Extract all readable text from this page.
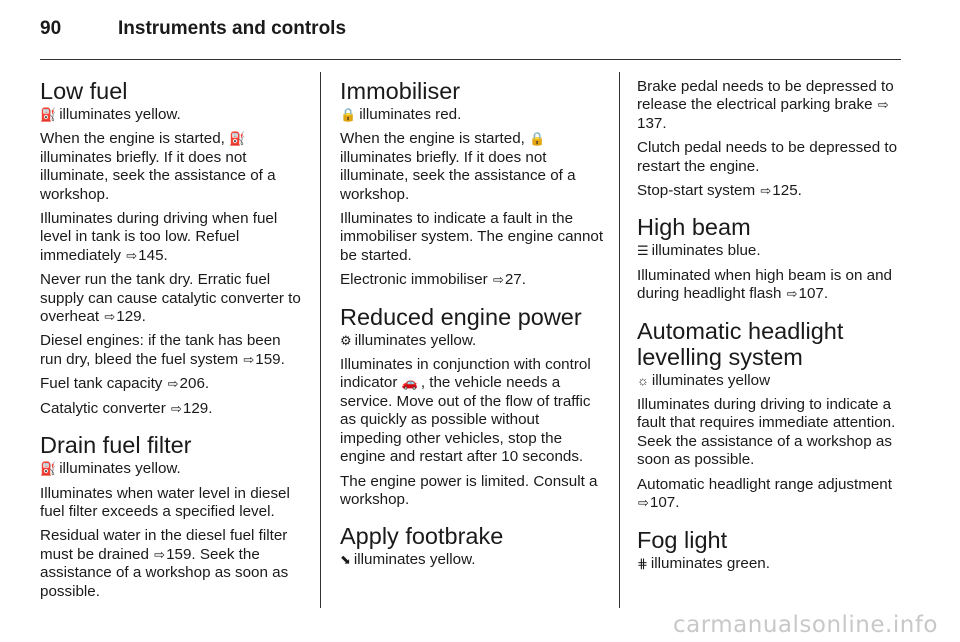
90	Instruments and controls
Low fuel

⛽ illuminates yellow.

When the engine is started, ⛽
illuminates briefly. If it does not illuminate, seek the assistance of a workshop.

Illuminates during driving when fuel level in tank is too low. Refuel immediately ⇨145.

Never run the tank dry. Erratic fuel supply can cause catalytic converter to overheat ⇨129.

Diesel engines: if the tank has been run dry, bleed the fuel system ⇨159.

Fuel tank capacity ⇨206.

Catalytic converter ⇨129.

Drain fuel filter

⛽ illuminates yellow.

Illuminates when water level in diesel fuel filter exceeds a specified level.

Residual water in the diesel fuel filter must be drained ⇨159. Seek the assistance of a workshop as soon as possible.

Immobiliser

🔒 illuminates red.

When the engine is started, 🔒
illuminates briefly. If it does not illuminate, seek the assistance of a workshop.

Illuminates to indicate a fault in the immobiliser system. The engine cannot be started.

Electronic immobiliser ⇨27.

Reduced engine power

⚙ illuminates yellow.

Illuminates in conjunction with control indicator 🚗 , the vehicle needs a service. Move out of the flow of traffic as quickly as possible without impeding other vehicles, stop the engine and restart after 10 seconds.

The engine power is limited. Consult a workshop.

Apply footbrake

⬊ illuminates yellow.

Brake pedal needs to be depressed to release the electrical parking brake ⇨137.

Clutch pedal needs to be depressed to restart the engine.

Stop-start system ⇨125.

High beam

☰ illuminates blue.

Illuminated when high beam is on and during headlight flash ⇨107.

Automatic headlight levelling system

☼ illuminates yellow

Illuminates during driving to indicate a fault that requires immediate attention. Seek the assistance of a workshop as soon as possible.

Automatic headlight range adjustment ⇨107.

Fog light

⋕ illuminates green.

carmanualsonline.info
